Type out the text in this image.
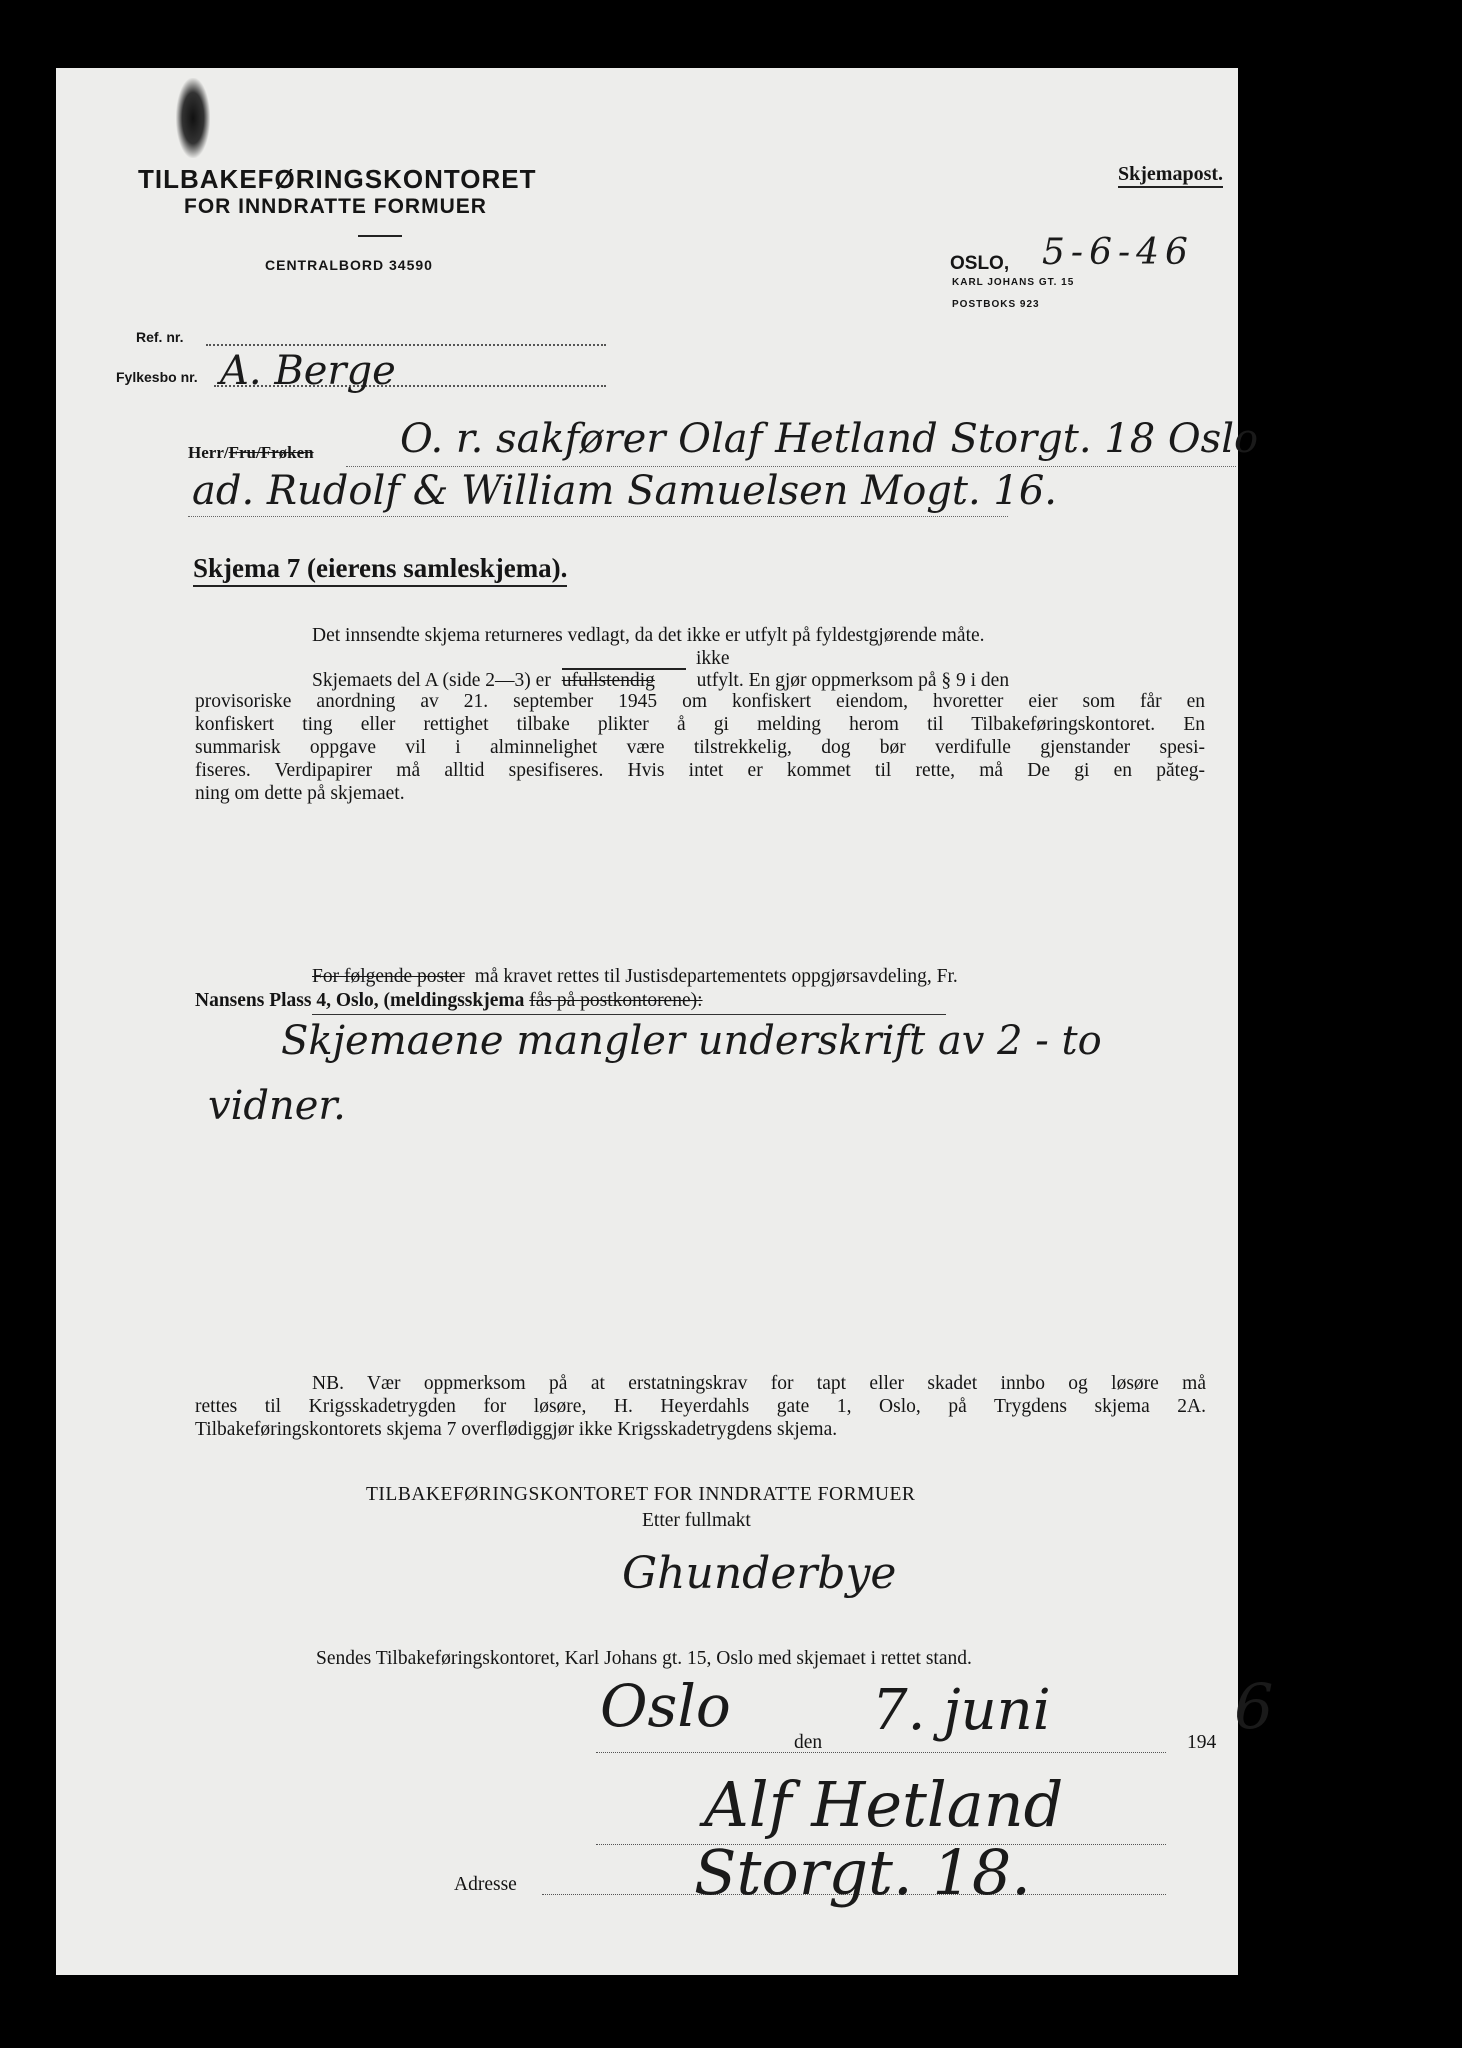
TILBAKEFØRINGSKONTORET
FOR INNDRATTE FORMUER
CENTRALBORD 34590
Skjemapost.
OSLO, 5-6-46
KARL JOHANS GT. 15
POSTBOKS 923
Ref. nr.
Fylkesbo nr. A. Berge
Herr/Fru/Frøken O. r. sakfører Olaf Hetland Storgt. 18 Oslo
ad. Rudolf & William Samuelsen Mogt. 16.
Skjema 7 (eierens samleskjema).
Det innsendte skjema returneres vedlagt, da det ikke er utfylt på fyldestgjørende måte.
ikke
Skjemaets del A (side 2—3) er ufullstendig utfylt. En gjør oppmerksom på § 9 i den
provisoriske anordning av 21. september 1945 om konfiskert eiendom, hvoretter eier som får en
konfiskert ting eller rettighet tilbake plikter å gi melding herom til Tilbakeføringskontoret. En
summarisk oppgave vil i alminnelighet være tilstrekkelig, dog bør verdifulle gjenstander spesi-
fiseres. Verdipapirer må alltid spesifiseres. Hvis intet er kommet til rette, må De gi en păteg-
ning om dette på skjemaet.
For følgende poster må kravet rettes til Justisdepartementets oppgjørsavdeling, Fr.
Nansens Plass 4, Oslo, (meldingsskjema fås på postkontorene):
Skjemaene mangler underskrift av 2 - to
vidner.
NB. Vær oppmerksom på at erstatningskrav for tapt eller skadet innbo og løsøre må
rettes til Krigsskadetrygden for løsøre, H. Heyerdahls gate 1, Oslo, på Trygdens skjema 2A.
Tilbakeføringskontorets skjema 7 overflødiggjør ikke Krigsskadetrygdens skjema.
TILBAKEFØRINGSKONTORET FOR INNDRATTE FORMUER
Etter fullmakt
Ghunderbye
Sendes Tilbakeføringskontoret, Karl Johans gt. 15, Oslo med skjemaet i rettet stand.
Oslo
den 7. juni	194 6
Alf Hetland
Adresse	Storgt. 18.
